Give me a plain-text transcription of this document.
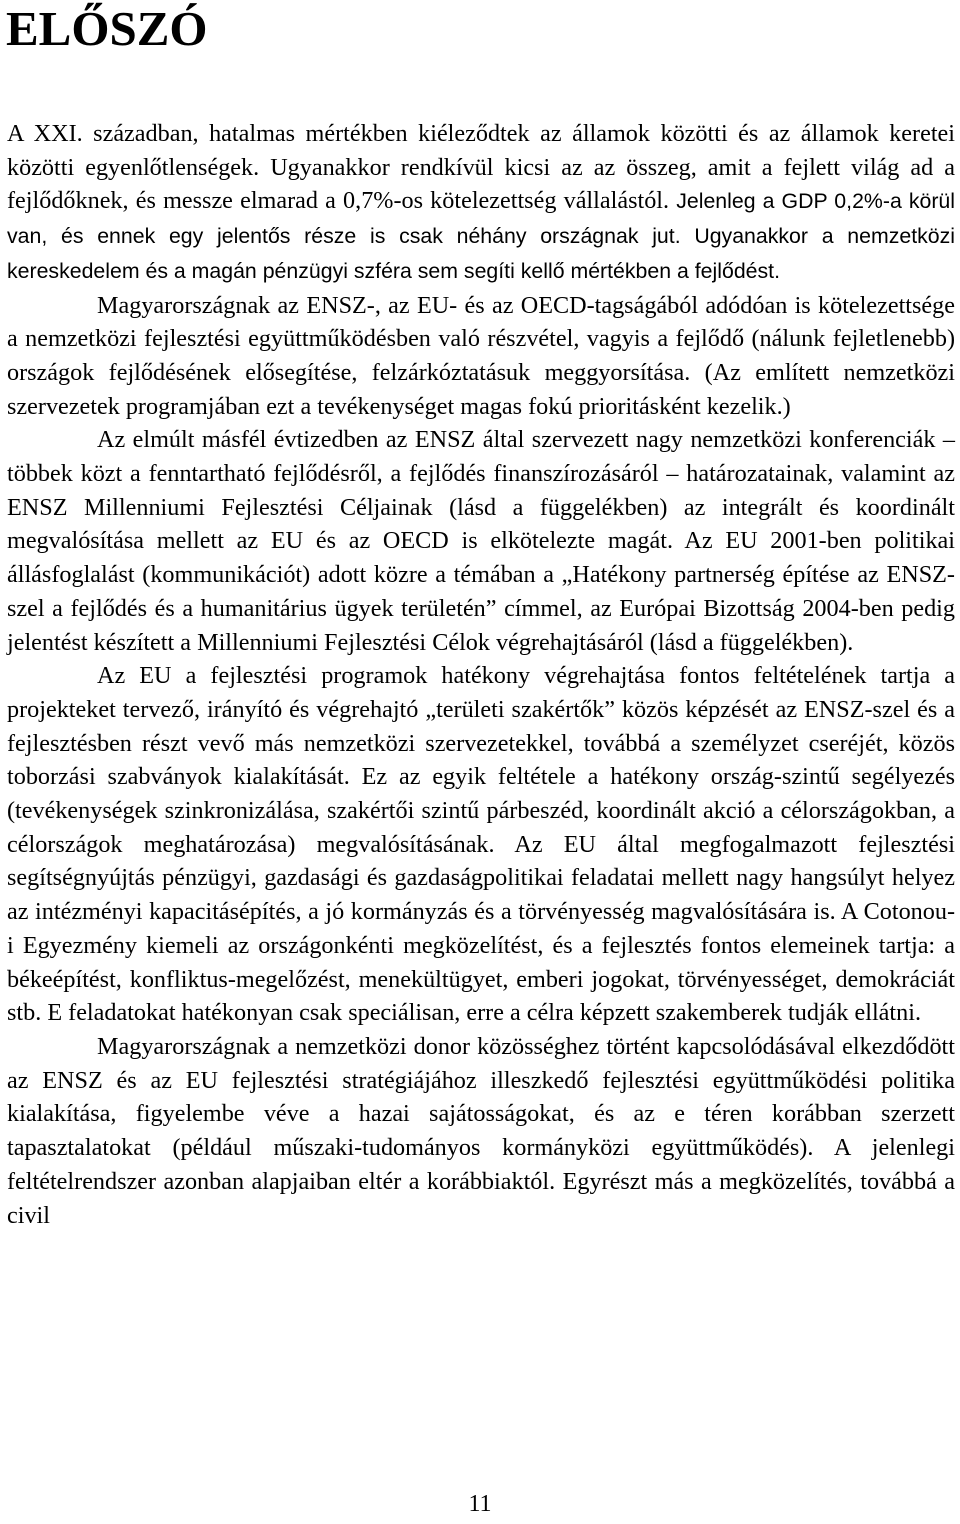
ELŐSZÓ

A XXI. században, hatalmas mértékben kiéleződtek az államok közötti és az államok keretei közötti egyenlőtlenségek. Ugyanakkor rendkívül kicsi az az összeg, amit a fejlett világ ad a fejlődőknek, és messze elmarad a 0,7%-os kötelezettség vállalástól. Jelenleg a GDP 0,2%-a körül van, és ennek egy jelentős része is csak néhány országnak jut. Ugyanakkor a nemzetközi kereskedelem és a magán pénzügyi szféra sem segíti kellő mértékben a fejlődést.

Magyarországnak az ENSZ-, az EU- és az OECD-tagságából adódóan is kötelezettsége a nemzetközi fejlesztési együttműködésben való részvétel, vagyis a fejlődő (nálunk fejletlenebb) országok fejlődésének elősegítése, felzárkóztatásuk meggyorsítása. (Az említett nemzetközi szervezetek programjában ezt a tevékenységet magas fokú prioritásként kezelik.)

Az elmúlt másfél évtizedben az ENSZ által szervezett nagy nemzetközi konferenciák – többek közt a fenntartható fejlődésről, a fejlődés finanszírozásáról – határozatainak, valamint az ENSZ Millenniumi Fejlesztési Céljainak (lásd a függelékben) az integrált és koordinált megvalósítása mellett az EU és az OECD is elkötelezte magát. Az EU 2001-ben politikai állásfoglalást (kommunikációt) adott közre a témában a „Hatékony partnerség építése az ENSZ-szel a fejlődés és a humanitárius ügyek területén” címmel, az Európai Bizottság 2004-ben pedig jelentést készített a Millenniumi Fejlesztési Célok végrehajtásáról (lásd a függelékben).

Az EU a fejlesztési programok hatékony végrehajtása fontos feltételének tartja a projekteket tervező, irányító és végrehajtó „területi szakértők” közös képzését az ENSZ-szel és a fejlesztésben részt vevő más nemzetközi szervezetekkel, továbbá a személyzet cseréjét, közös toborzási szabványok kialakítását. Ez az egyik feltétele a hatékony ország-szintű segélyezés (tevékenységek szinkronizálása, szakértői szintű párbeszéd, koordinált akció a célországokban, a célországok meghatározása) megvalósításának. Az EU által megfogalmazott fejlesztési segítségnyújtás pénzügyi, gazdasági és gazdaságpolitikai feladatai mellett nagy hangsúlyt helyez az intézményi kapacitásépítés, a jó kormányzás és a törvényesség magvalósítására is. A Cotonou-i Egyezmény kiemeli az országonkénti megközelítést, és a fejlesztés fontos elemeinek tartja: a békeépítést, konfliktus-megelőzést, menekültügyet, emberi jogokat, törvényességet, demokráciát stb. E feladatokat hatékonyan csak speciálisan, erre a célra képzett szakemberek tudják ellátni.

Magyarországnak a nemzetközi donor közösséghez történt kapcsolódásával elkezdődött az ENSZ és az EU fejlesztési stratégiájához illeszkedő fejlesztési együttműködési politika kialakítása, figyelembe véve a hazai sajátosságokat, és az e téren korábban szerzett tapasztalatokat (például műszaki-tudományos kormányközi együttműködés). A jelenlegi feltételrendszer azonban alapjaiban eltér a korábbiaktól. Egyrészt más a megközelítés, továbbá a civil

11
